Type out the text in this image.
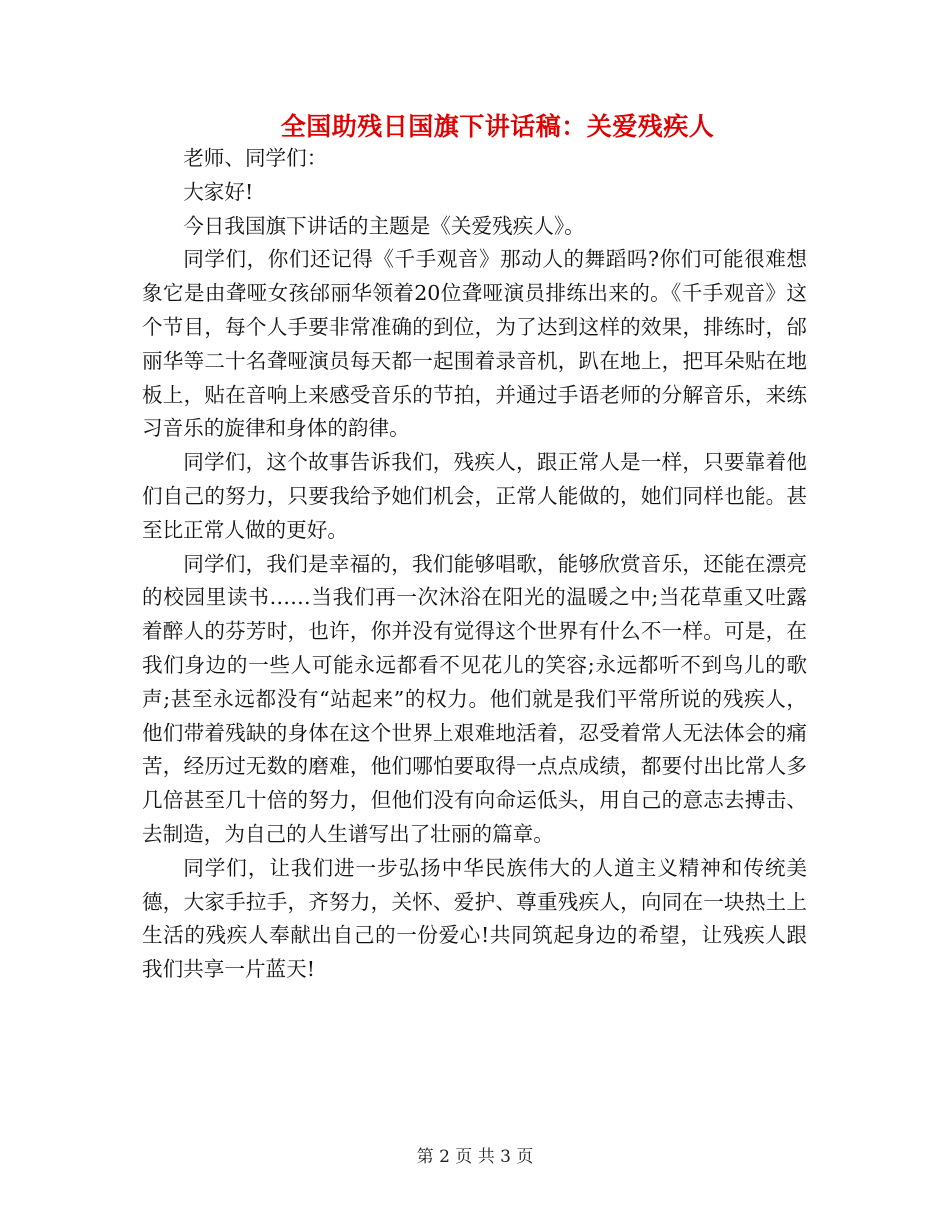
全国助残日国旗下讲话稿：关爱残疾人

老师、同学们：

大家好!

今日我国旗下讲话的主题是《关爱残疾人》。

同学们，你们还记得《千手观音》那动人的舞蹈吗?你们可能很难想象它是由聋哑女孩邰丽华领着20位聋哑演员排练出来的。《千手观音》这个节目，每个人手要非常准确的到位，为了达到这样的效果，排练时，邰丽华等二十名聋哑演员每天都一起围着录音机，趴在地上，把耳朵贴在地板上，贴在音响上来感受音乐的节拍，并通过手语老师的分解音乐，来练习音乐的旋律和身体的韵律。

同学们，这个故事告诉我们，残疾人，跟正常人是一样，只要靠着他们自己的努力，只要我给予她们机会，正常人能做的，她们同样也能。甚至比正常人做的更好。

同学们，我们是幸福的，我们能够唱歌，能够欣赏音乐，还能在漂亮的校园里读书……当我们再一次沐浴在阳光的温暖之中;当花草重又吐露着醉人的芬芳时，也许，你并没有觉得这个世界有什么不一样。可是，在我们身边的一些人可能永远都看不见花儿的笑容;永远都听不到鸟儿的歌声;甚至永远都没有“站起来”的权力。他们就是我们平常所说的残疾人，他们带着残缺的身体在这个世界上艰难地活着，忍受着常人无法体会的痛苦，经历过无数的磨难，他们哪怕要取得一点点成绩，都要付出比常人多几倍甚至几十倍的努力，但他们没有向命运低头，用自己的意志去搏击、去制造，为自己的人生谱写出了壮丽的篇章。

同学们，让我们进一步弘扬中华民族伟大的人道主义精神和传统美德，大家手拉手，齐努力，关怀、爱护、尊重残疾人，向同在一块热土上生活的残疾人奉献出自己的一份爱心!共同筑起身边的希望，让残疾人跟我们共享一片蓝天!

第 2 页 共 3 页
